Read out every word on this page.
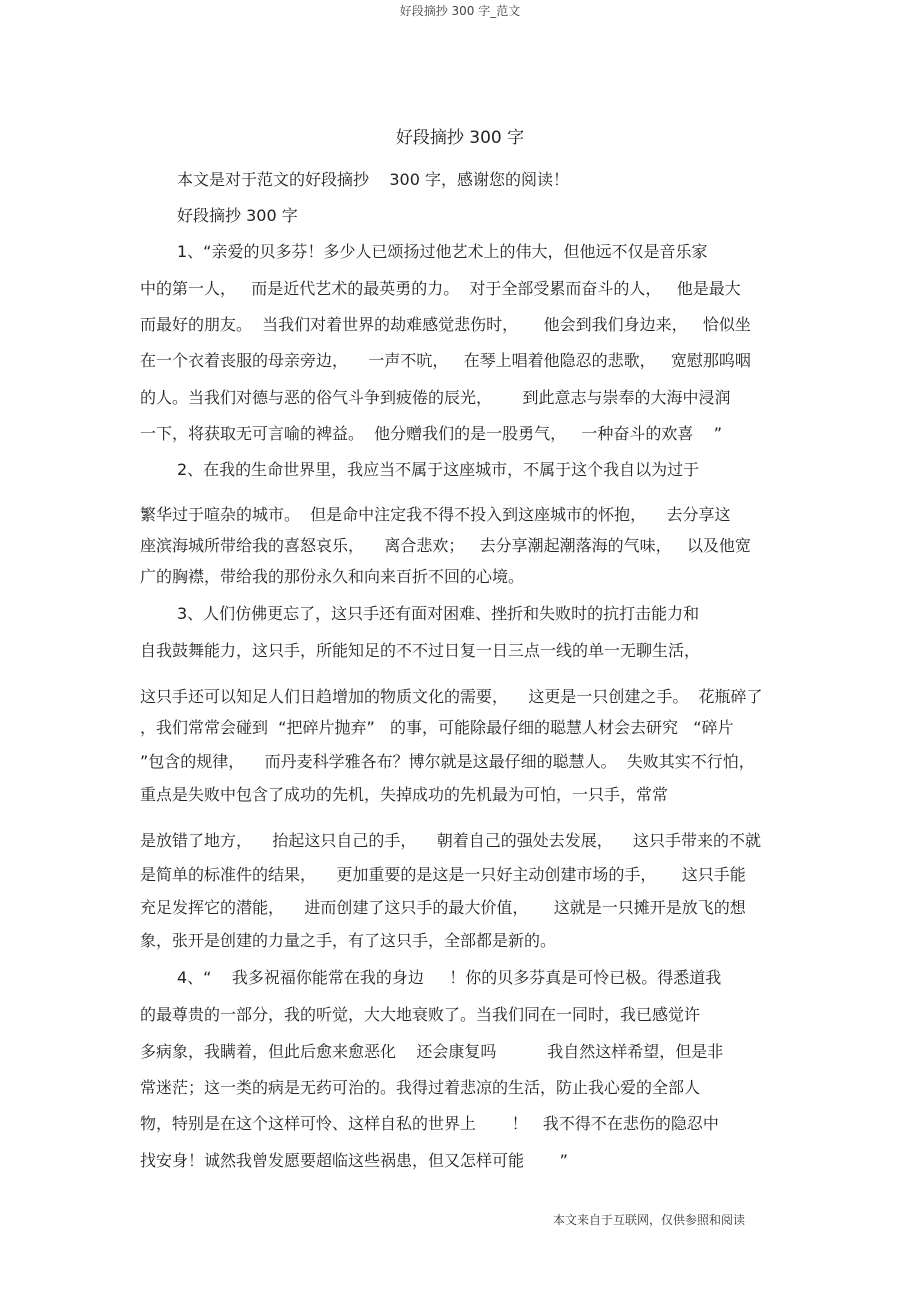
好段摘抄 300 字_范文
好段摘抄 300 字
本文是对于范文的好段摘抄    300 字，感谢您的阅读！
好段摘抄 300 字
1、“亲爱的贝多芬！多少人已颂扬过他艺术上的伟大，但他远不仅是音乐家
中的第一人，   而是近代艺术的最英勇的力。  对于全部受累而奋斗的人，   他是最大
而最好的朋友。  当我们对着世界的劫难感觉悲伤时，     他会到我们身边来，   恰似坐
在一个衣着丧服的母亲旁边，    一声不吭，   在琴上唱着他隐忍的悲歌，   宽慰那呜咽
的人。当我们对德与恶的俗气斗争到疲倦的辰光，      到此意志与崇奉的大海中浸润
一下，将获取无可言喻的裨益。  他分赠我们的是一股勇气，   一种奋斗的欢喜    ”
2、在我的生命世界里，我应当不属于这座城市，不属于这个我自以为过于
繁华过于喧杂的城市。  但是命中注定我不得不投入到这座城市的怀抱，    去分享这
座滨海城所带给我的喜怒哀乐，    离合悲欢；   去分享潮起潮落海的气味，   以及他宽
广的胸襟，带给我的那份永久和向来百折不回的心境。
3、人们仿佛更忘了，这只手还有面对困难、挫折和失败时的抗打击能力和
自我鼓舞能力，这只手，所能知足的不不过日复一日三点一线的单一无聊生活，
这只手还可以知足人们日趋增加的物质文化的需要，    这更是一只创建之手。  花瓶碎了
，我们常常会碰到  “把碎片抛弃”   的事，可能除最仔细的聪慧人材会去研究   “碎片
”包含的规律，    而丹麦科学雅各布？博尔就是这最仔细的聪慧人。  失败其实不行怕，
重点是失败中包含了成功的先机，失掉成功的先机最为可怕，一只手，常常
是放错了地方，    抬起这只自己的手，    朝着自己的强处去发展，    这只手带来的不就
是简单的标准件的结果，    更加重要的是这是一只好主动创建市场的手，     这只手能
充足发挥它的潜能，    进而创建了这只手的最大价值，     这就是一只摊开是放飞的想
象，张开是创建的力量之手，有了这只手，全部都是新的。
4、“    我多祝福你能常在我的身边     ！你的贝多芬真是可怜已极。得悉道我
的最尊贵的一部分，我的听觉，大大地衰败了。当我们同在一同时，我已感觉许
多病象，我瞒着，但此后愈来愈恶化    还会康复吗          我自然这样希望，但是非
常迷茫；这一类的病是无药可治的。我得过着悲凉的生活，防止我心爱的全部人
物，特别是在这个这样可怜、这样自私的世界上       ！   我不得不在悲伤的隐忍中
找安身！诚然我曾发愿要超临这些祸患，但又怎样可能       ”
本文来自于互联网，仅供参照和阅读
